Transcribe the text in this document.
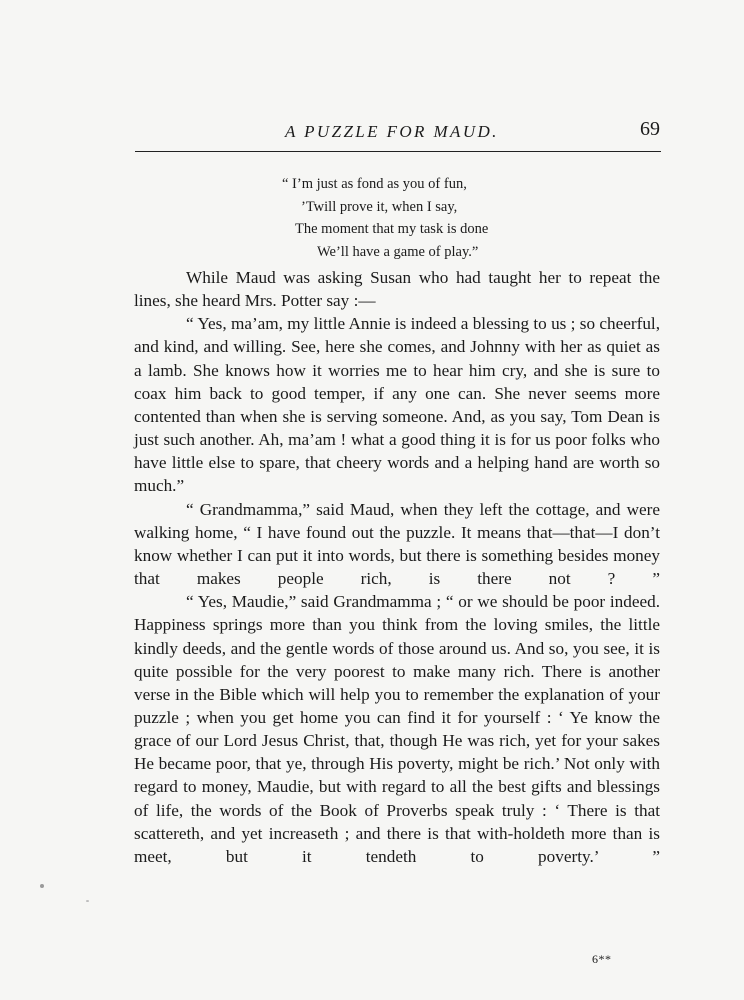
A PUZZLE FOR MAUD.	69
“ I’m just as fond as you of fun,
’Twill prove it, when I say,
The moment that my task is done
We’ll have a game of play.”

While Maud was asking Susan who had taught her to repeat the lines, she heard Mrs. Potter say :—

“ Yes, ma’am, my little Annie is indeed a blessing to us ; so cheerful, and kind, and willing. See, here she comes, and Johnny with her as quiet as a lamb. She knows how it worries me to hear him cry, and she is sure to coax him back to good temper, if any one can. She never seems more contented than when she is serving someone. And, as you say, Tom Dean is just such another. Ah, ma’am ! what a good thing it is for us poor folks who have little else to spare, that cheery words and a helping hand are worth so much.”

“ Grandmamma,” said Maud, when they left the cottage, and were walking home, “ I have found out the puzzle. It means that—that—I don’t know whether I can put it into words, but there is something besides money that makes people rich, is there not ? ”

“ Yes, Maudie,” said Grandmamma ; “ or we should be poor indeed. Happiness springs more than you think from the loving smiles, the little kindly deeds, and the gentle words of those around us. And so, you see, it is quite possible for the very poorest to make many rich. There is another verse in the Bible which will help you to remember the explanation of your puzzle ; when you get home you can find it for yourself : ‘ Ye know the grace of our Lord Jesus Christ, that, though He was rich, yet for your sakes He became poor, that ye, through His poverty, might be rich.’ Not only with regard to money, Maudie, but with regard to all the best gifts and blessings of life, the words of the Book of Proverbs speak truly : ‘ There is that scattereth, and yet increaseth ; and there is that with-holdeth more than is meet, but it tendeth to poverty.’ ”

6**
